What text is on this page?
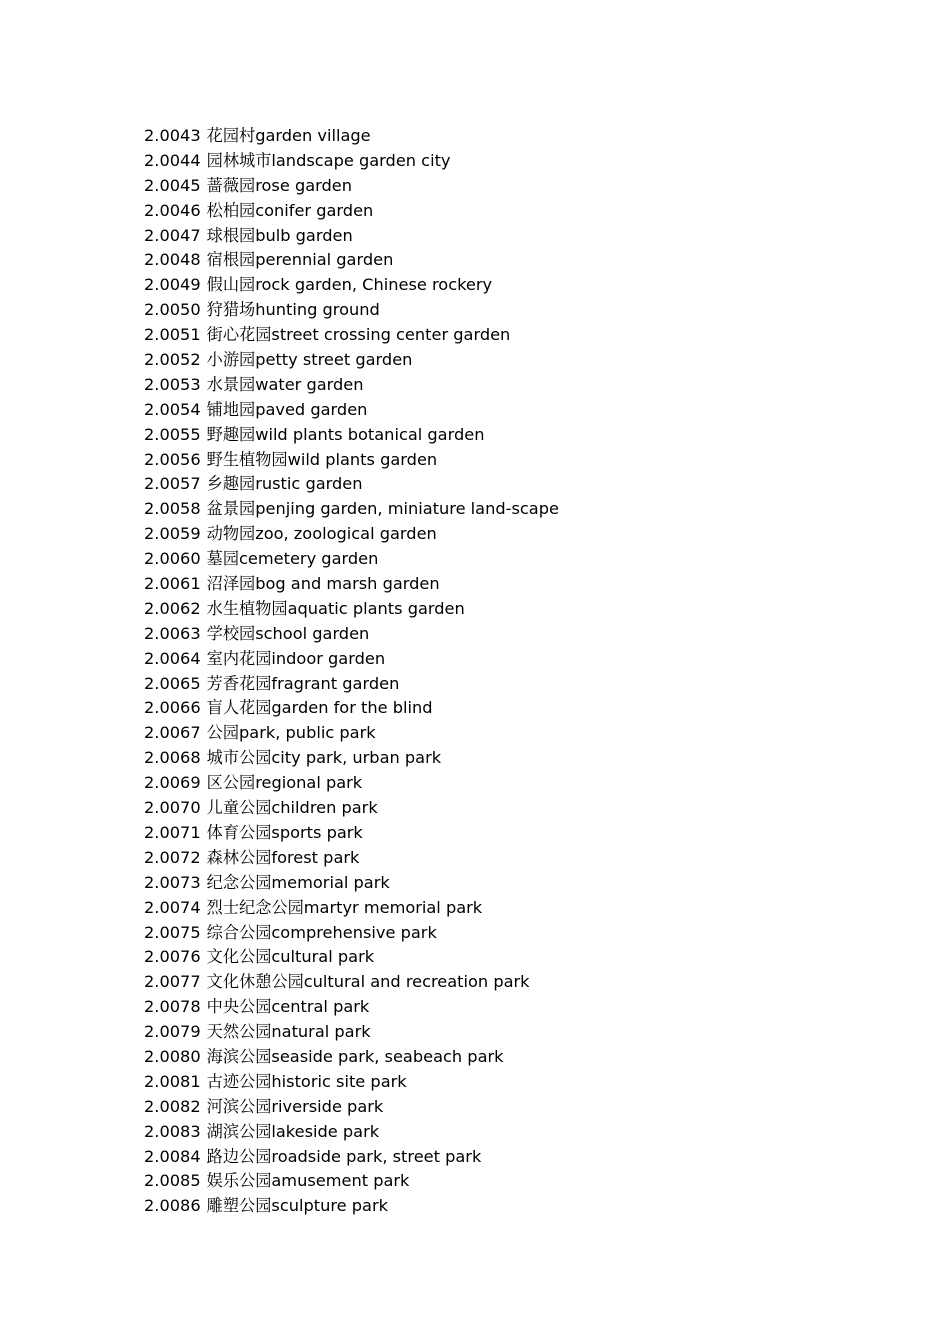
2.0043 花园村garden village
2.0044 园林城市landscape garden city
2.0045 蔷薇园rose garden
2.0046 松柏园conifer garden
2.0047 球根园bulb garden
2.0048 宿根园perennial garden
2.0049 假山园rock garden, Chinese rockery
2.0050 狩猎场hunting ground
2.0051 街心花园street crossing center garden
2.0052 小游园petty street garden
2.0053 水景园water garden
2.0054 铺地园paved garden
2.0055 野趣园wild plants botanical garden
2.0056 野生植物园wild plants garden
2.0057 乡趣园rustic garden
2.0058 盆景园penjing garden, miniature land-scape
2.0059 动物园zoo, zoological garden
2.0060 墓园cemetery garden
2.0061 沼泽园bog and marsh garden
2.0062 水生植物园aquatic plants garden
2.0063 学校园school garden
2.0064 室内花园indoor garden
2.0065 芳香花园fragrant garden
2.0066 盲人花园garden for the blind
2.0067 公园park, public park
2.0068 城市公园city park, urban park
2.0069 区公园regional park
2.0070 儿童公园children park
2.0071 体育公园sports park
2.0072 森林公园forest park
2.0073 纪念公园memorial park
2.0074 烈士纪念公园martyr memorial park
2.0075 综合公园comprehensive park
2.0076 文化公园cultural park
2.0077 文化休憩公园cultural and recreation park
2.0078 中央公园central park
2.0079 天然公园natural park
2.0080 海滨公园seaside park, seabeach park
2.0081 古迹公园historic site park
2.0082 河滨公园riverside park
2.0083 湖滨公园lakeside park
2.0084 路边公园roadside park, street park
2.0085 娱乐公园amusement park
2.0086 雕塑公园sculpture park
